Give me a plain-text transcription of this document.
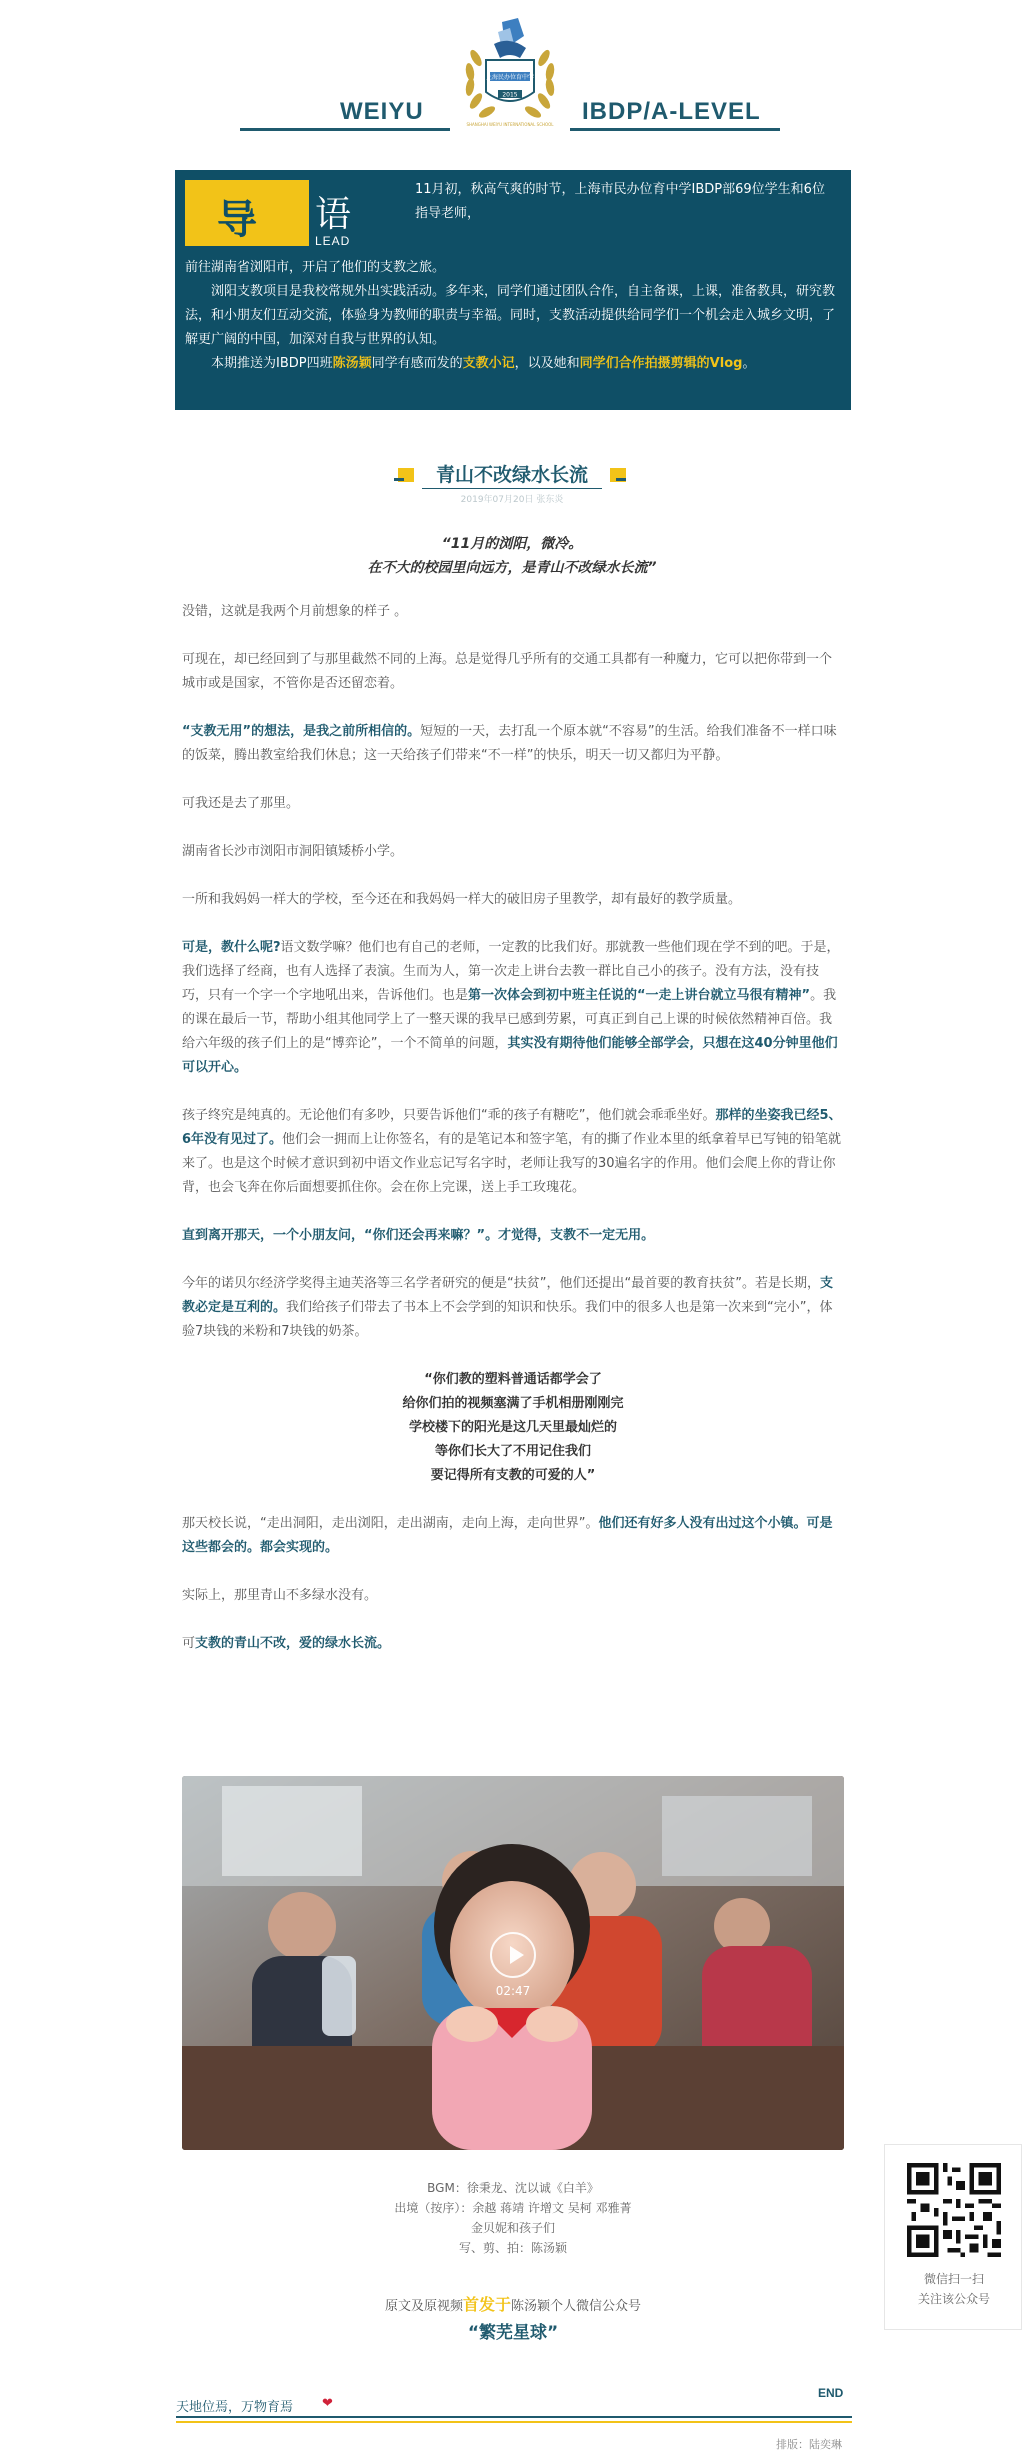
WEIYU	IBDP/A-LEVEL
上海民办位育中学
2015
SHANGHAI WEIYU INTERNATIONAL SCHOOL
导 语
LEAD
11月初，秋高气爽的时节，上海市民办位育中学IBDP部69位学生和6位指导老师，

前往湖南省浏阳市，开启了他们的支教之旅。

浏阳支教项目是我校常规外出实践活动。多年来，同学们通过团队合作，自主备课，上课，准备教具，研究教法，和小朋友们互动交流，体验身为教师的职责与幸福。同时，支教活动提供给同学们一个机会走入城乡文明，了解更广阔的中国，加深对自我与世界的认知。

本期推送为IBDP四班陈汤颖同学有感而发的支教小记，以及她和同学们合作拍摄剪辑的Vlog。

青山不改绿水长流
2019年07月20日 张东炎
“11月的浏阳，微冷。
在不大的校园里向远方，是青山不改绿水长流”

没错，这就是我两个月前想象的样子 。

可现在，却已经回到了与那里截然不同的上海。总是觉得几乎所有的交通工具都有一种魔力，它可以把你带到一个城市或是国家，不管你是否还留恋着。

“支教无用”的想法，是我之前所相信的。短短的一天，去打乱一个原本就“不容易”的生活。给我们准备不一样口味的饭菜，腾出教室给我们休息；这一天给孩子们带来“不一样”的快乐，明天一切又都归为平静。

可我还是去了那里。

湖南省长沙市浏阳市洞阳镇矮桥小学。

一所和我妈妈一样大的学校，至今还在和我妈妈一样大的破旧房子里教学，却有最好的教学质量。

可是，教什么呢?语文数学嘛？他们也有自己的老师，一定教的比我们好。那就教一些他们现在学不到的吧。于是，我们选择了经商，也有人选择了表演。生而为人，第一次走上讲台去教一群比自己小的孩子。没有方法，没有技巧，只有一个字一个字地吼出来，告诉他们。也是第一次体会到初中班主任说的“一走上讲台就立马很有精神”。我的课在最后一节，帮助小组其他同学上了一整天课的我早已感到劳累，可真正到自己上课的时候依然精神百倍。我给六年级的孩子们上的是“博弈论”，一个不简单的问题，其实没有期待他们能够全部学会，只想在这40分钟里他们可以开心。

孩子终究是纯真的。无论他们有多吵，只要告诉他们“乖的孩子有糖吃”，他们就会乖乖坐好。那样的坐姿我已经5、6年没有见过了。他们会一拥而上让你签名，有的是笔记本和签字笔，有的撕了作业本里的纸拿着早已写钝的铅笔就来了。也是这个时候才意识到初中语文作业忘记写名字时，老师让我写的30遍名字的作用。他们会爬上你的背让你背，也会飞奔在你后面想要抓住你。会在你上完课，送上手工玫瑰花。

直到离开那天，一个小朋友问，“你们还会再来嘛？”。才觉得，支教不一定无用。

今年的诺贝尔经济学奖得主迪芙洛等三名学者研究的便是“扶贫”，他们还提出“最首要的教育扶贫”。若是长期，支教必定是互利的。我们给孩子们带去了书本上不会学到的知识和快乐。我们中的很多人也是第一次来到“完小”，体验7块钱的米粉和7块钱的奶茶。

“你们教的塑料普通话都学会了
给你们拍的视频塞满了手机相册刚刚完
学校楼下的阳光是这几天里最灿烂的
等你们长大了不用记住我们
要记得所有支教的可爱的人”

那天校长说，“走出洞阳，走出浏阳，走出湖南，走向上海，走向世界”。他们还有好多人没有出过这个小镇。可是这些都会的。都会实现的。

实际上，那里青山不多绿水没有。

可支教的青山不改，爱的绿水长流。

02:47
BGM：徐秉龙、沈以诚《白羊》
出境（按序）：余越 蒋靖 许增文 吴柯 邓雅菁
金贝妮和孩子们
写、剪、拍：陈汤颖
原文及原视频首发于陈汤颖个人微信公众号
“繁芜星球”
天地位焉，万物育焉 ❤
END
排版：陆奕琳
微信扫一扫
关注该公众号
